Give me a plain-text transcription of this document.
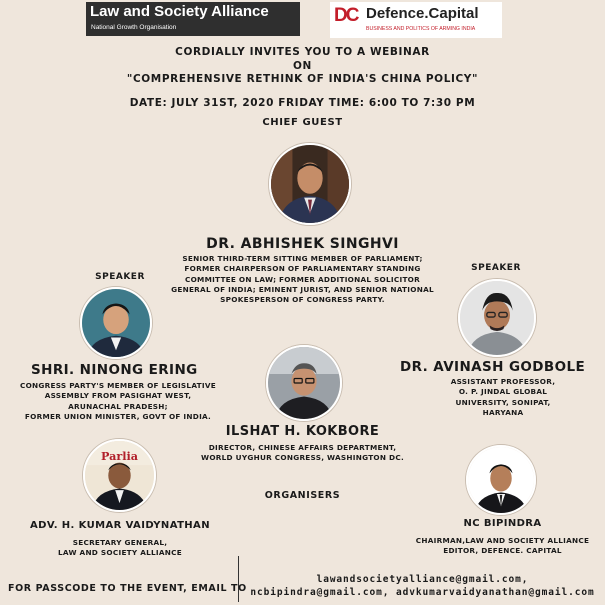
Law and Society Alliance
National Growth Organisation
DC Defence.Capital
BUSINESS AND POLITICS OF ARMING INDIA
CORDIALLY INVITES YOU TO A WEBINAR
ON
"COMPREHENSIVE RETHINK OF INDIA'S CHINA POLICY"
DATE: JULY 31ST, 2020 FRIDAY TIME: 6:00 TO 7:30 PM
CHIEF GUEST
DR. ABHISHEK SINGHVI
SENIOR THIRD-TERM SITTING MEMBER OF PARLIAMENT;
FORMER CHAIRPERSON OF PARLIAMENTARY STANDING
COMMITTEE ON LAW; FORMER ADDITIONAL SOLICITOR
GENERAL OF INDIA; EMINENT JURIST, AND SENIOR NATIONAL
SPOKESPERSON OF CONGRESS PARTY.
SPEAKER
SHRI. NINONG ERING
CONGRESS PARTY'S MEMBER OF LEGISLATIVE
ASSEMBLY FROM PASIGHAT WEST,
ARUNACHAL PRADESH;
FORMER UNION MINISTER, GOVT OF INDIA.
SPEAKER
DR. AVINASH GODBOLE
ASSISTANT PROFESSOR,
O. P. JINDAL GLOBAL
UNIVERSITY, SONIPAT,
HARYANA
ILSHAT H. KOKBORE
DIRECTOR, CHINESE AFFAIRS DEPARTMENT,
WORLD UYGHUR CONGRESS, WASHINGTON DC.
ORGANISERS
Parlia
ADV. H. KUMAR VAIDYNATHAN
SECRETARY GENERAL,
LAW AND SOCIETY ALLIANCE
NC BIPINDRA
CHAIRMAN,LAW AND SOCIETY ALLIANCE
EDITOR, DEFENCE. CAPITAL
FOR PASSCODE TO THE EVENT, EMAIL TO
lawandsocietyalliance@gmail.com,
ncbipindra@gmail.com, advkumarvaidyanathan@gmail.com
